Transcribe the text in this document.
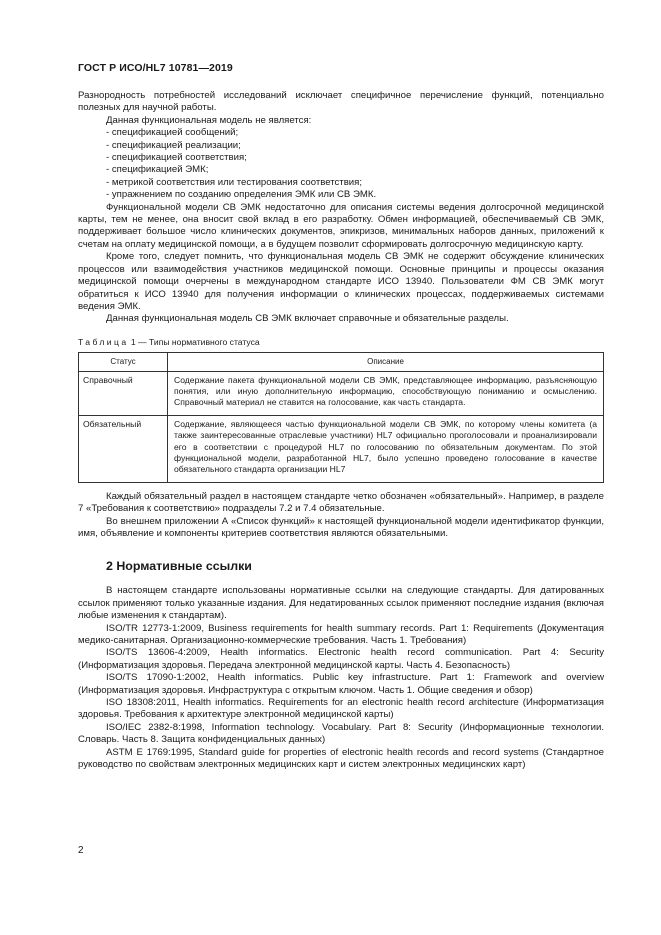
ГОСТ Р ИСО/HL7 10781—2019

Разнородность потребностей исследований исключает специфичное перечисление функций, потенциально полезных для научной работы.

Данная функциональная модель не является:

- спецификацией сообщений;

- спецификацией реализации;

- спецификацией соответствия;

- спецификацией ЭМК;

- метрикой соответствия или тестирования соответствия;

- упражнением по созданию определения ЭМК или СВ ЭМК.

Функциональной модели СВ ЭМК недостаточно для описания системы ведения долгосрочной медицинской карты, тем не менее, она вносит свой вклад в его разработку. Обмен информацией, обеспечиваемый СВ ЭМК, поддерживает большое число клинических документов, эпикризов, минимальных наборов данных, приложений к счетам на оплату медицинской помощи, а в будущем позволит сформировать долгосрочную медицинскую карту.

Кроме того, следует помнить, что функциональная модель СВ ЭМК не содержит обсуждение клинических процессов или взаимодействия участников медицинской помощи. Основные принципы и процессы оказания медицинской помощи очерчены в международном стандарте ИСО 13940. Пользователи ФМ СВ ЭМК могут обратиться к ИСО 13940 для получения информации о клинических процессах, поддерживаемых системами ведения ЭМК.

Данная функциональная модель СВ ЭМК включает справочные и обязательные разделы.

Таблица 1 — Типы нормативного статуса
Статус	Описание
Справочный	Содержание пакета функциональной модели СВ ЭМК, представляющее информацию, разъясняющую понятия, или иную дополнительную информацию, способствующую пониманию и осмыслению. Справочный материал не ставится на голосование, как часть стандарта.
Обязательный	Содержание, являющееся частью функциональной модели СВ ЭМК, по которому члены комитета (а также заинтересованные отраслевые участники) HL7 официально проголосовали и проанализировали его в соответствии с процедурой HL7 по голосованию по обязательным документам. По этой функциональной модели, разработанной HL7, было успешно проведено голосование в качестве обязательного стандарта организации HL7

Каждый обязательный раздел в настоящем стандарте четко обозначен «обязательный». Например, в разделе 7 «Требования к соответствию» подразделы 7.2 и 7.4 обязательные.

Во внешнем приложении А «Список функций» к настоящей функциональной модели идентификатор функции, имя, объявление и компоненты критериев соответствия являются обязательными.

2 Нормативные ссылки

В настоящем стандарте использованы нормативные ссылки на следующие стандарты. Для датированных ссылок применяют только указанные издания. Для недатированных ссылок применяют последние издания (включая любые изменения к стандартам).

ISO/TR 12773-1:2009, Business requirements for health summary records. Part 1: Requirements (Документация медико-санитарная. Организационно-коммерческие требования. Часть 1. Требования)

ISO/TS 13606-4:2009, Health informatics. Electronic health record communication. Part 4: Security (Информатизация здоровья. Передача электронной медицинской карты. Часть 4. Безопасность)

ISO/TS 17090-1:2002, Health informatics. Public key infrastructure. Part 1: Framework and overview (Информатизация здоровья. Инфраструктура с открытым ключом. Часть 1. Общие сведения и обзор)

ISO 18308:2011, Health informatics. Requirements for an electronic health record architecture (Информатизация здоровья. Требования к архитектуре электронной медицинской карты)

ISO/IEC 2382-8:1998, Information technology. Vocabulary. Part 8: Security (Информационные технологии. Словарь. Часть 8. Защита конфиденциальных данных)

ASTM E 1769:1995, Standard guide for properties of electronic health records and record systems (Стандартное руководство по свойствам электронных медицинских карт и систем электронных медицинских карт)

2
